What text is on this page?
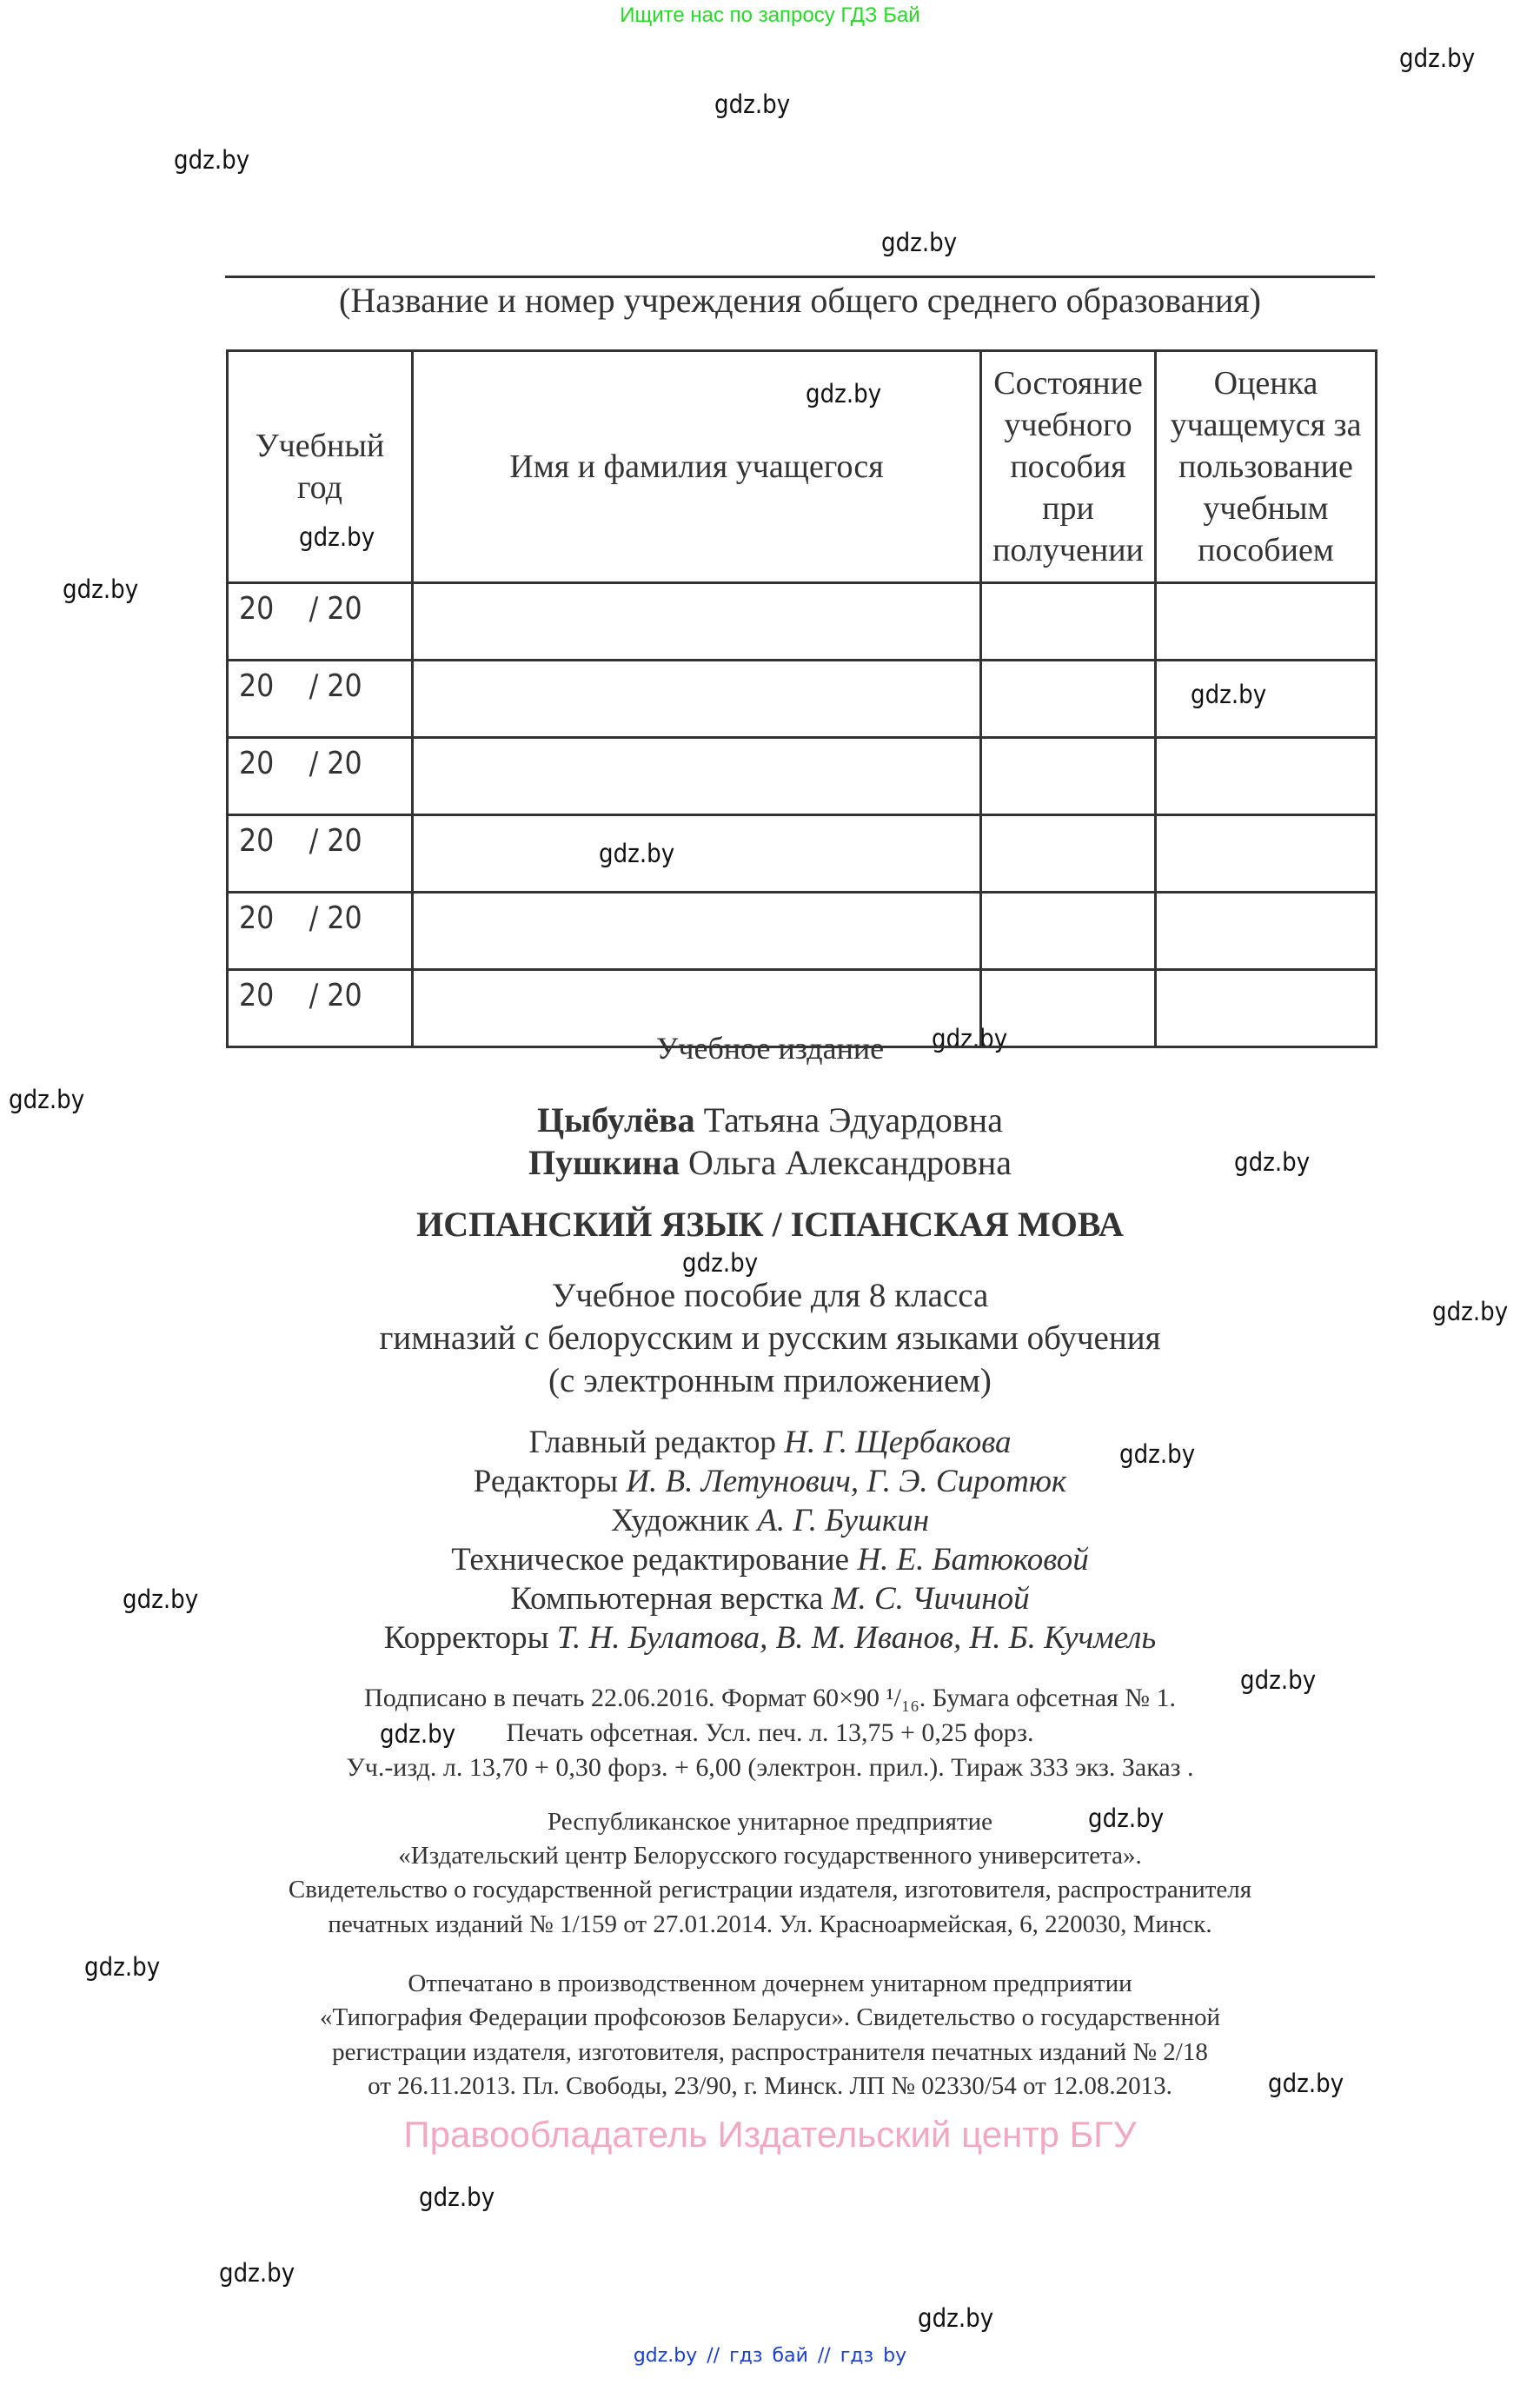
Ищите нас по запросу ГДЗ Бай
gdz.by
gdz.by
gdz.by
gdz.by
gdz.by
gdz.by
gdz.by
gdz.by
gdz.by
gdz.by
gdz.by
gdz.by
gdz.by
gdz.by
gdz.by
gdz.by
gdz.by
gdz.by
gdz.by
gdz.by
gdz.by
gdz.by
gdz.by
gdz.by
(Название и номер учреждения общего среднего образования)
Учебный год	Имя и фамилия учащегося	Состояние учебного пособия при получении	Оценка учащемуся за пользование учебным пособием
20    / 20			
20    / 20			
20    / 20			
20    / 20			
20    / 20			
20    / 20			
Учебное издание
Цыбулёва Татьяна Эдуардовна
Пушкина Ольга Александровна
ИСПАНСКИЙ ЯЗЫК / ІСПАНСКАЯ МОВА
Учебное пособие для 8 класса
гимназий с белорусским и русским языками обучения
(с электронным приложением)
Главный редактор Н. Г. Щербакова
Редакторы И. В. Летунович, Г. Э. Сиротюк
Художник А. Г. Бушкин
Техническое редактирование Н. Е. Батюковой
Компьютерная верстка М. С. Чичиной
Корректоры Т. Н. Булатова, В. М. Иванов, Н. Б. Кучмель
Подписано в печать 22.06.2016. Формат 60×90 ¹/₁₆. Бумага офсетная № 1.
Печать офсетная. Усл. печ. л. 13,75 + 0,25 форз.
Уч.-изд. л. 13,70 + 0,30 форз. + 6,00 (электрон. прил.). Тираж 333 экз. Заказ .
Республиканское унитарное предприятие
«Издательский центр Белорусского государственного университета».
Свидетельство о государственной регистрации издателя, изготовителя, распространителя
печатных изданий № 1/159 от 27.01.2014. Ул. Красноармейская, 6, 220030, Минск.
Отпечатано в производственном дочернем унитарном предприятии
«Типография Федерации профсоюзов Беларуси». Свидетельство о государственной
регистрации издателя, изготовителя, распространителя печатных изданий № 2/18
от 26.11.2013. Пл. Свободы, 23/90, г. Минск. ЛП № 02330/54 от 12.08.2013.
Правообладатель Издательский центр БГУ
gdz.by // гдз бай // гдз by
